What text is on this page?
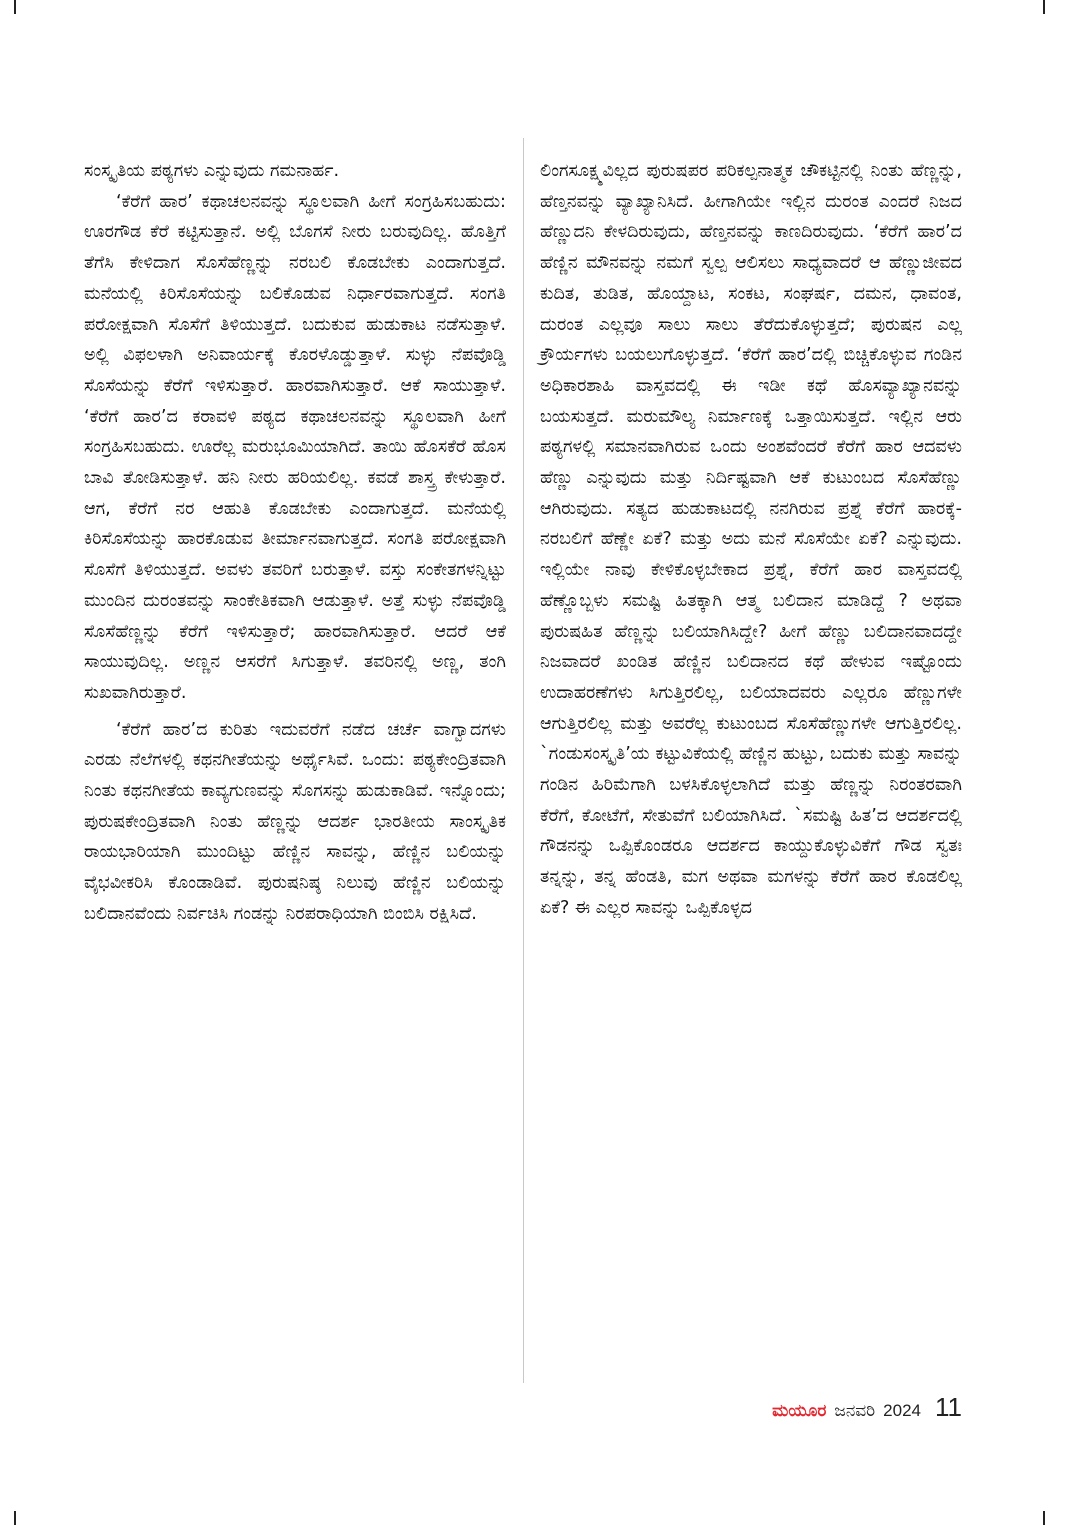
ಸಂಸ್ಕೃತಿಯ ಪಠ್ಯಗಳು ಎನ್ನುವುದು ಗಮನಾರ್ಹ.

‘ಕೆರೆಗೆ ಹಾರ’ ಕಥಾಚಲನವನ್ನು ಸ್ಥೂಲವಾಗಿ ಹೀಗೆ ಸಂಗ್ರಹಿಸಬಹುದು: ಊರಗೌಡ ಕೆರೆ ಕಟ್ಟಿಸುತ್ತಾನೆ. ಅಲ್ಲಿ ಬೊಗಸೆ ನೀರು ಬರುವುದಿಲ್ಲ. ಹೊತ್ತಿಗೆ ತೆಗೆಸಿ ಕೇಳಿದಾಗ ಸೊಸೆಹೆಣ್ಣನ್ನು ನರಬಲಿ ಕೊಡಬೇಕು ಎಂದಾಗುತ್ತದೆ. ಮನೆಯಲ್ಲಿ ಕಿರಿಸೊಸೆಯನ್ನು ಬಲಿಕೊಡುವ ನಿರ್ಧಾರವಾಗುತ್ತದೆ. ಸಂಗತಿ ಪರೋಕ್ಷವಾಗಿ ಸೊಸೆಗೆ ತಿಳಿಯುತ್ತದೆ. ಬದುಕುವ ಹುಡುಕಾಟ ನಡೆಸುತ್ತಾಳೆ. ಅಲ್ಲಿ ವಿಫಲಳಾಗಿ ಅನಿವಾರ್ಯಕ್ಕೆ ಕೊರಳೊಡ್ಡುತ್ತಾಳೆ. ಸುಳ್ಳು ನೆಪವೊಡ್ಡಿ ಸೊಸೆಯನ್ನು ಕೆರೆಗೆ ಇಳಿಸುತ್ತಾರೆ. ಹಾರವಾಗಿಸುತ್ತಾರೆ. ಆಕೆ ಸಾಯುತ್ತಾಳೆ. ‘ಕೆರೆಗೆ ಹಾರ’ದ ಕರಾವಳಿ ಪಠ್ಯದ ಕಥಾಚಲನವನ್ನು ಸ್ಥೂಲವಾಗಿ ಹೀಗೆ ಸಂಗ್ರಹಿಸಬಹುದು. ಊರೆಲ್ಲ ಮರುಭೂಮಿಯಾಗಿದೆ. ತಾಯಿ ಹೊಸಕೆರೆ ಹೊಸ ಬಾವಿ ತೋಡಿಸುತ್ತಾಳೆ. ಹನಿ ನೀರು ಹರಿಯಲಿಲ್ಲ. ಕವಡೆ ಶಾಸ್ತ್ರ ಕೇಳುತ್ತಾರೆ. ಆಗ, ಕೆರೆಗೆ ನರ ಆಹುತಿ ಕೊಡಬೇಕು ಎಂದಾಗುತ್ತದೆ. ಮನೆಯಲ್ಲಿ ಕಿರಿಸೊಸೆಯನ್ನು ಹಾರಕೊಡುವ ತೀರ್ಮಾನವಾಗುತ್ತದೆ. ಸಂಗತಿ ಪರೋಕ್ಷವಾಗಿ ಸೊಸೆಗೆ ತಿಳಿಯುತ್ತದೆ. ಅವಳು ತವರಿಗೆ ಬರುತ್ತಾಳೆ. ವಸ್ತು ಸಂಕೇತಗಳನ್ನಿಟ್ಟು ಮುಂದಿನ ದುರಂತವನ್ನು ಸಾಂಕೇತಿಕವಾಗಿ ಆಡುತ್ತಾಳೆ. ಅತ್ತೆ ಸುಳ್ಳು ನೆಪವೊಡ್ಡಿ ಸೊಸೆಹೆಣ್ಣನ್ನು ಕೆರೆಗೆ ಇಳಿಸುತ್ತಾರೆ; ಹಾರವಾಗಿಸುತ್ತಾರೆ. ಆದರೆ ಆಕೆ ಸಾಯುವುದಿಲ್ಲ. ಅಣ್ಣನ ಆಸರೆಗೆ ಸಿಗುತ್ತಾಳೆ. ತವರಿನಲ್ಲಿ ಅಣ್ಣ, ತಂಗಿ ಸುಖವಾಗಿರುತ್ತಾರೆ.

‘ಕೆರೆಗೆ ಹಾರ’ದ ಕುರಿತು ಇದುವರೆಗೆ ನಡೆದ ಚರ್ಚೆ ವಾಗ್ವಾದಗಳು ಎರಡು ನೆಲೆಗಳಲ್ಲಿ ಕಥನಗೀತೆಯನ್ನು ಅರ್ಥೈಸಿವೆ. ಒಂದು: ಪಠ್ಯಕೇಂದ್ರಿತವಾಗಿ ನಿಂತು ಕಥನಗೀತೆಯ ಕಾವ್ಯಗುಣವನ್ನು ಸೊಗಸನ್ನು ಹುಡುಕಾಡಿವೆ. ಇನ್ನೊಂದು; ಪುರುಷಕೇಂದ್ರಿತವಾಗಿ ನಿಂತು ಹೆಣ್ಣನ್ನು ಆದರ್ಶ ಭಾರತೀಯ ಸಾಂಸ್ಕೃತಿಕ ರಾಯಭಾರಿಯಾಗಿ ಮುಂದಿಟ್ಟು ಹೆಣ್ಣಿನ ಸಾವನ್ನು, ಹೆಣ್ಣಿನ ಬಲಿಯನ್ನು ವೈಭವೀಕರಿಸಿ ಕೊಂಡಾಡಿವೆ. ಪುರುಷನಿಷ್ಠ ನಿಲುವು ಹೆಣ್ಣಿನ ಬಲಿಯನ್ನು ಬಲಿದಾನವೆಂದು ನಿರ್ವಚಿಸಿ ಗಂಡನ್ನು ನಿರಪರಾಧಿಯಾಗಿ ಬಿಂಬಿಸಿ ರಕ್ಷಿಸಿದೆ.

ಲಿಂಗಸೂಕ್ಷ್ಮವಿಲ್ಲದ ಪುರುಷಪರ ಪರಿಕಲ್ಪನಾತ್ಮಕ ಚೌಕಟ್ಟಿನಲ್ಲಿ ನಿಂತು ಹೆಣ್ಣನ್ನು, ಹೆಣ್ತನವನ್ನು ವ್ಯಾಖ್ಯಾನಿಸಿದೆ. ಹೀಗಾಗಿಯೇ ಇಲ್ಲಿನ ದುರಂತ ಎಂದರೆ ನಿಜದ ಹೆಣ್ಣುದನಿ ಕೇಳದಿರುವುದು, ಹೆಣ್ತನವನ್ನು ಕಾಣದಿರುವುದು. ‘ಕೆರೆಗೆ ಹಾರ’ದ ಹೆಣ್ಣಿನ ಮೌನವನ್ನು ನಮಗೆ ಸ್ವಲ್ಪ ಆಲಿಸಲು ಸಾಧ್ಯವಾದರೆ ಆ ಹೆಣ್ಣುಜೀವದ ಕುದಿತ, ತುಡಿತ, ಹೊಯ್ದಾಟ, ಸಂಕಟ, ಸಂಘರ್ಷ, ದಮನ, ಧಾವಂತ, ದುರಂತ ಎಲ್ಲವೂ ಸಾಲು ಸಾಲು ತೆರೆದುಕೊಳ್ಳುತ್ತದೆ; ಪುರುಷನ ಎಲ್ಲ ಕ್ರೌರ್ಯಗಳು ಬಯಲುಗೊಳ್ಳುತ್ತದೆ. ‘ಕೆರೆಗೆ ಹಾರ’ದಲ್ಲಿ ಬಿಚ್ಚಿಕೊಳ್ಳುವ ಗಂಡಿನ ಅಧಿಕಾರಶಾಹಿ ವಾಸ್ತವದಲ್ಲಿ ಈ ಇಡೀ ಕಥೆ ಹೊಸವ್ಯಾಖ್ಯಾನವನ್ನು ಬಯಸುತ್ತದೆ. ಮರುಮೌಲ್ಯ ನಿರ್ಮಾಣಕ್ಕೆ ಒತ್ತಾಯಿಸುತ್ತದೆ. ಇಲ್ಲಿನ ಆರು ಪಠ್ಯಗಳಲ್ಲಿ ಸಮಾನವಾಗಿರುವ ಒಂದು ಅಂಶವೆಂದರೆ ಕೆರೆಗೆ ಹಾರ ಆದವಳು ಹೆಣ್ಣು ಎನ್ನುವುದು ಮತ್ತು ನಿರ್ದಿಷ್ಟವಾಗಿ ಆಕೆ ಕುಟುಂಬದ ಸೊಸೆಹೆಣ್ಣು ಆಗಿರುವುದು. ಸತ್ಯದ ಹುಡುಕಾಟದಲ್ಲಿ ನನಗಿರುವ ಪ್ರಶ್ನೆ ಕೆರೆಗೆ ಹಾರಕ್ಕೆ-ನರಬಲಿಗೆ ಹೆಣ್ಣೇ ಏಕೆ? ಮತ್ತು ಅದು ಮನೆ ಸೊಸೆಯೇ ಏಕೆ? ಎನ್ನುವುದು. ಇಲ್ಲಿಯೇ ನಾವು ಕೇಳಿಕೊಳ್ಳಬೇಕಾದ ಪ್ರಶ್ನೆ, ಕೆರೆಗೆ ಹಾರ ವಾಸ್ತವದಲ್ಲಿ ಹೆಣ್ಣೊಬ್ಬಳು ಸಮಷ್ಟಿ ಹಿತಕ್ಕಾಗಿ ಆತ್ಮ ಬಲಿದಾನ ಮಾಡಿದ್ದೆ ? ಅಥವಾ ಪುರುಷಹಿತ ಹೆಣ್ಣನ್ನು ಬಲಿಯಾಗಿಸಿದ್ದೇ? ಹೀಗೆ ಹೆಣ್ಣು ಬಲಿದಾನವಾದದ್ದೇ ನಿಜವಾದರೆ ಖಂಡಿತ ಹೆಣ್ಣಿನ ಬಲಿದಾನದ ಕಥೆ ಹೇಳುವ ಇಷ್ಟೊಂದು ಉದಾಹರಣೆಗಳು ಸಿಗುತ್ತಿರಲಿಲ್ಲ, ಬಲಿಯಾದವರು ಎಲ್ಲರೂ ಹೆಣ್ಣುಗಳೇ ಆಗುತ್ತಿರಲಿಲ್ಲ ಮತ್ತು ಅವರೆಲ್ಲ ಕುಟುಂಬದ ಸೊಸೆಹೆಣ್ಣುಗಳೇ ಆಗುತ್ತಿರಲಿಲ್ಲ. `ಗಂಡುಸಂಸ್ಕೃತಿ’ಯ ಕಟ್ಟುವಿಕೆಯಲ್ಲಿ ಹೆಣ್ಣಿನ ಹುಟ್ಟು, ಬದುಕು ಮತ್ತು ಸಾವನ್ನು ಗಂಡಿನ ಹಿರಿಮೆಗಾಗಿ ಬಳಸಿಕೊಳ್ಳಲಾಗಿದೆ ಮತ್ತು ಹೆಣ್ಣನ್ನು ನಿರಂತರವಾಗಿ ಕೆರೆಗೆ, ಕೋಟೆಗೆ, ಸೇತುವೆಗೆ ಬಲಿಯಾಗಿಸಿದೆ. `ಸಮಷ್ಟಿ ಹಿತ’ದ ಆದರ್ಶದಲ್ಲಿ ಗೌಡನನ್ನು ಒಪ್ಪಿಕೊಂಡರೂ ಆದರ್ಶದ ಕಾಯ್ದುಕೊಳ್ಳುವಿಕೆಗೆ ಗೌಡ ಸ್ವತಃ ತನ್ನನ್ನು, ತನ್ನ ಹೆಂಡತಿ, ಮಗ ಅಥವಾ ಮಗಳನ್ನು ಕೆರೆಗೆ ಹಾರ ಕೊಡಲಿಲ್ಲ ಏಕೆ? ಈ ಎಲ್ಲರ ಸಾವನ್ನು ಒಪ್ಪಿಕೊಳ್ಳದ

ಮಯೂರ ಜನವರಿ 2024 11
